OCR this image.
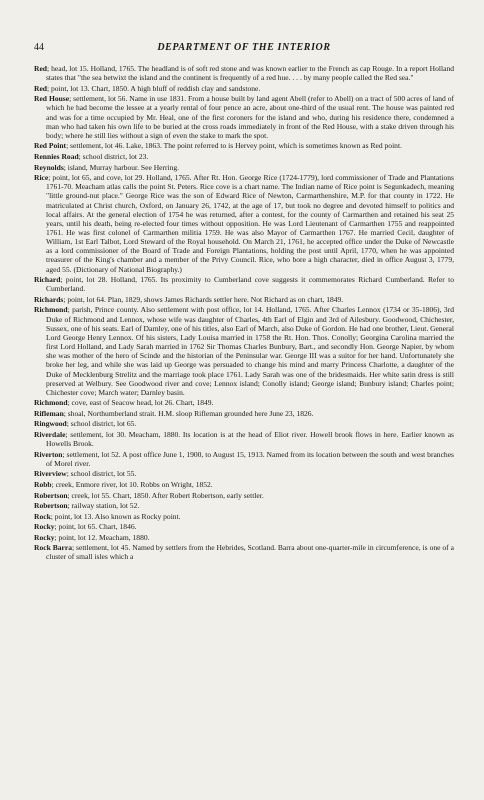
44	DEPARTMENT OF THE INTERIOR

Red; head, lot 15. Holland, 1765. The headland is of soft red stone and was known earlier to the French as cap Rouge. In a report Holland states that "the sea betwixt the island and the continent is frequently of a red hue. . . . by many people called the Red sea."

Red; point, lot 13. Chart, 1850. A high bluff of reddish clay and sandstone.

Red House; settlement, lot 56. Name in use 1831. From a house built by land agent Abell (refer to Abell) on a tract of 500 acres of land of which he had become the lessee at a yearly rental of four pence an acre, about one-third of the usual rent. The house was painted red and was for a time occupied by Mr. Heal, one of the first coroners for the island and who, during his residence there, condemned a man who had taken his own life to be buried at the cross roads immediately in front of the Red House, with a stake driven through his body; where he still lies without a sign of even the stake to mark the spot.

Red Point; settlement, lot 46. Lake, 1863. The point referred to is Hervey point, which is sometimes known as Red point.

Rennies Road; school district, lot 23.

Reynolds; island, Murray harbour. See Herring.

Rice; point, lot 65, and cove, lot 29. Holland, 1765. After Rt. Hon. George Rice (1724-1779), lord commissioner of Trade and Plantations 1761-70. Meacham atlas calls the point St. Peters. Rice cove is a chart name. The Indian name of Rice point is Segunkadech, meaning "little ground-nut place." George Rice was the son of Edward Rice of Newton, Carmarthenshire, M.P. for that county in 1722. He matriculated at Christ church, Oxford, on January 26, 1742, at the age of 17, but took no degree and devoted himself to politics and local affairs. At the general election of 1754 he was returned, after a contest, for the county of Carmarthen and retained his seat 25 years, until his death, being re-elected four times without opposition. He was Lord Lieutenant of Carmarthen 1755 and reappointed 1761. He was first colonel of Carmarthen militia 1759. He was also Mayor of Carmarthen 1767. He married Cecil, daughter of William, 1st Earl Talbot, Lord Steward of the Royal household. On March 21, 1761, he accepted office under the Duke of Newcastle as a lord commissioner of the Board of Trade and Foreign Plantations, holding the post until April, 1770, when he was appointed treasurer of the King's chamber and a member of the Privy Council. Rice, who bore a high character, died in office August 3, 1779, aged 55. (Dictionary of National Biography.)

Richard; point, lot 28. Holland, 1765. Its proximity to Cumberland cove suggests it commemorates Richard Cumberland. Refer to Cumberland.

Richards; point, lot 64. Plan, 1829, shows James Richards settler here. Not Richard as on chart, 1849.

Richmond; parish, Prince county. Also settlement with post office, lot 14. Holland, 1765. After Charles Lennox (1734 or 35-1806), 3rd Duke of Richmond and Lennox, whose wife was daughter of Charles, 4th Earl of Elgin and 3rd of Ailesbury. Goodwood, Chichester, Sussex, one of his seats. Earl of Darnley, one of his titles, also Earl of March, also Duke of Gordon. He had one brother, Lieut. General Lord George Henry Lennox. Of his sisters, Lady Louisa married in 1758 the Rt. Hon. Thos. Conolly; Georgina Carolina married the first Lord Holland, and Lady Sarah married in 1762 Sir Thomas Charles Bunbury, Bart., and secondly Hon. George Napier, by whom she was mother of the hero of Scinde and the historian of the Peninsular war. George III was a suitor for her hand. Unfortunately she broke her leg, and while she was laid up George was persuaded to change his mind and marry Princess Charlotte, a daughter of the Duke of Mecklenburg Strelitz and the marriage took place 1761. Lady Sarah was one of the bridesmaids. Her white satin dress is still preserved at Welbury. See Goodwood river and cove; Lennox island; Conolly island; George island; Bunbury island; Charles point; Chichester cove; March water; Darnley basin.

Richmond; cove, east of Seacow head, lot 26. Chart, 1849.

Rifleman; shoal, Northumberland strait. H.M. sloop Rifleman grounded here June 23, 1826.

Ringwood; school district, lot 65.

Riverdale; settlement, lot 30. Meacham, 1880. Its location is at the head of Eliot river. Howell brook flows in here. Earlier known as Howells Brook.

Riverton; settlement, lot 52. A post office June 1, 1900, to August 15, 1913. Named from its location between the south and west branches of Morel river.

Riverview; school district, lot 55.

Robb; creek, Enmore river, lot 10. Robbs on Wright, 1852.

Robertson; creek, lot 55. Chart, 1850. After Robert Robertson, early settler.

Robertson; railway station, lot 52.

Rock; point, lot 13. Also known as Rocky point.

Rocky; point, lot 65. Chart, 1846.

Rocky; point, lot 12. Meacham, 1880.

Rock Barra; settlement, lot 45. Named by settlers from the Hebrides, Scotland. Barra about one-quarter-mile in circumference, is one of a cluster of small isles which a
